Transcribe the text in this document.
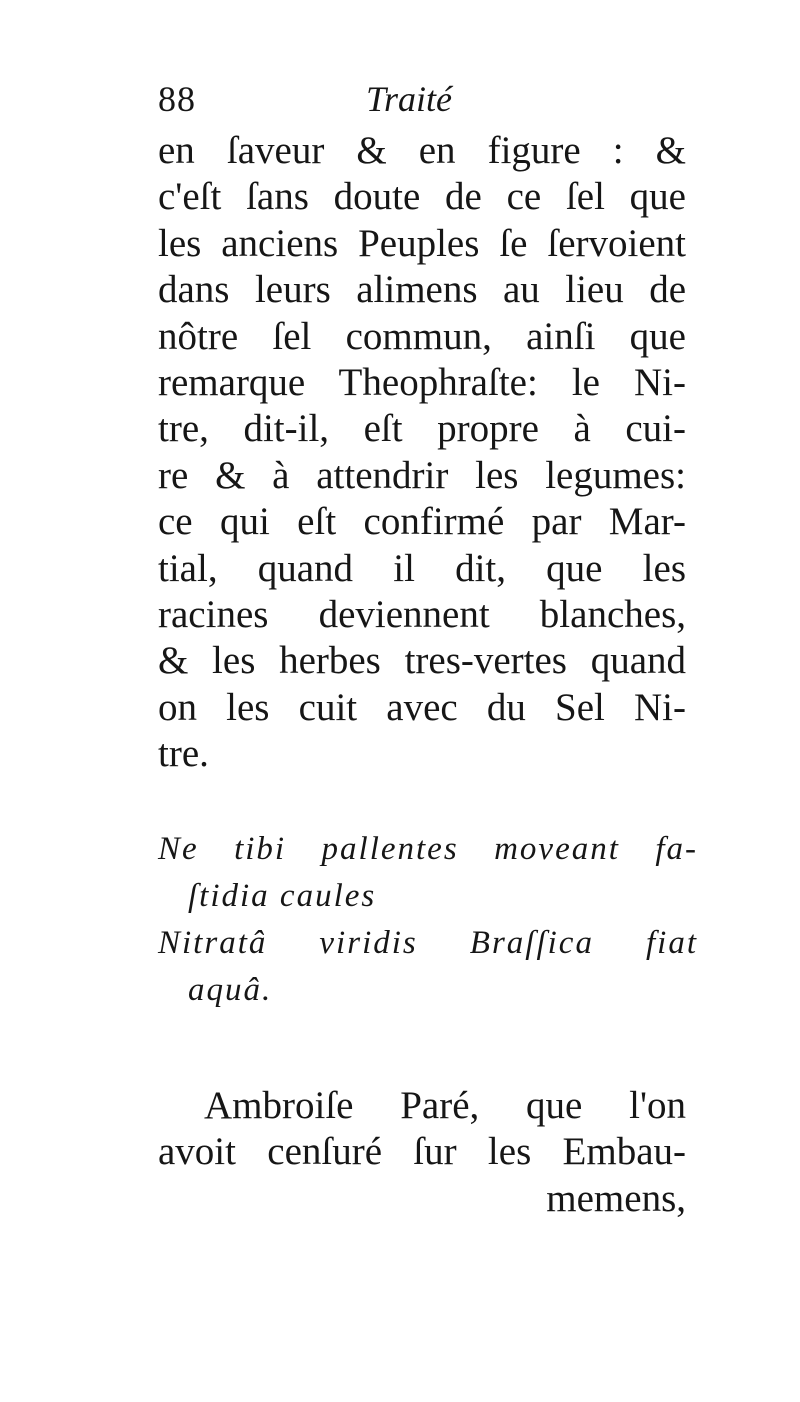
88	Traité
en ſaveur & en figure : &
c'eſt ſans doute de ce ſel que
les anciens Peuples ſe ſervoient
dans leurs alimens au lieu de
nôtre ſel commun, ainſi que
remarque Theophraſte: le Ni-
tre, dit-il, eſt propre à cui-
re & à attendrir les legumes:
ce qui eſt confirmé par Mar-
tial, quand il dit, que les
racines deviennent blanches,
& les herbes tres-vertes quand
on les cuit avec du Sel Ni-
tre.
Ne tibi pallentes moveant fa-
ſtidia caules
Nitratâ viridis Braſſica fiat
aquâ.
Ambroiſe Paré, que l'on
avoit cenſuré ſur les Embau-
memens,
